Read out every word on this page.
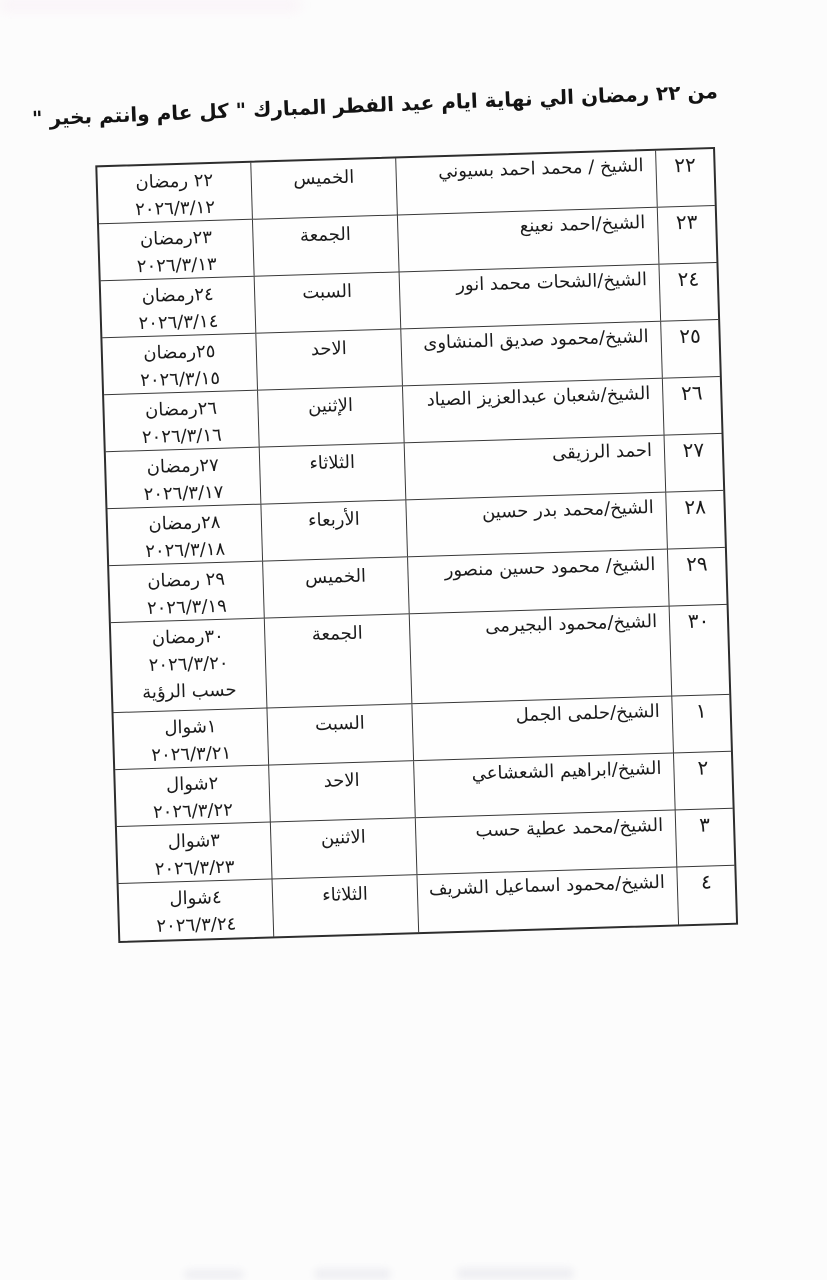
من ٢٢ رمضان الي نهاية ايام عيد الفطر المبارك " كل عام وانتم بخير "
٢٢
الشيخ / محمد احمد بسيوني
الخميس
٢٢ رمضان
٢٠٢٦/٣/١٢
٢٣
الشيخ/احمد نعينع
الجمعة
٢٣رمضان
٢٠٢٦/٣/١٣
٢٤
الشيخ/الشحات محمد انور
السبت
٢٤رمضان
٢٠٢٦/٣/١٤
٢٥
الشيخ/محمود صديق المنشاوى
الاحد
٢٥رمضان
٢٠٢٦/٣/١٥
٢٦
الشيخ/شعبان عبدالعزيز الصياد
الإثنين
٢٦رمضان
٢٠٢٦/٣/١٦
٢٧
احمد الرزيقى
الثلاثاء
٢٧رمضان
٢٠٢٦/٣/١٧
٢٨
الشيخ/محمد بدر حسين
الأربعاء
٢٨رمضان
٢٠٢٦/٣/١٨
٢٩
الشيخ/ محمود حسين منصور
الخميس
٢٩ رمضان
٢٠٢٦/٣/١٩
٣٠
الشيخ/محمود البجيرمى
الجمعة
٣٠رمضان
٢٠٢٦/٣/٢٠
حسب الرؤية
١
الشيخ/حلمى الجمل
السبت
١شوال
٢٠٢٦/٣/٢١
٢
الشيخ/ابراهيم الشعشاعي
الاحد
٢شوال
٢٠٢٦/٣/٢٢
٣
الشيخ/محمد عطية حسب
الاثنين
٣شوال
٢٠٢٦/٣/٢٣
٤
الشيخ/محمود اسماعيل الشريف
الثلاثاء
٤شوال
٢٠٢٦/٣/٢٤
